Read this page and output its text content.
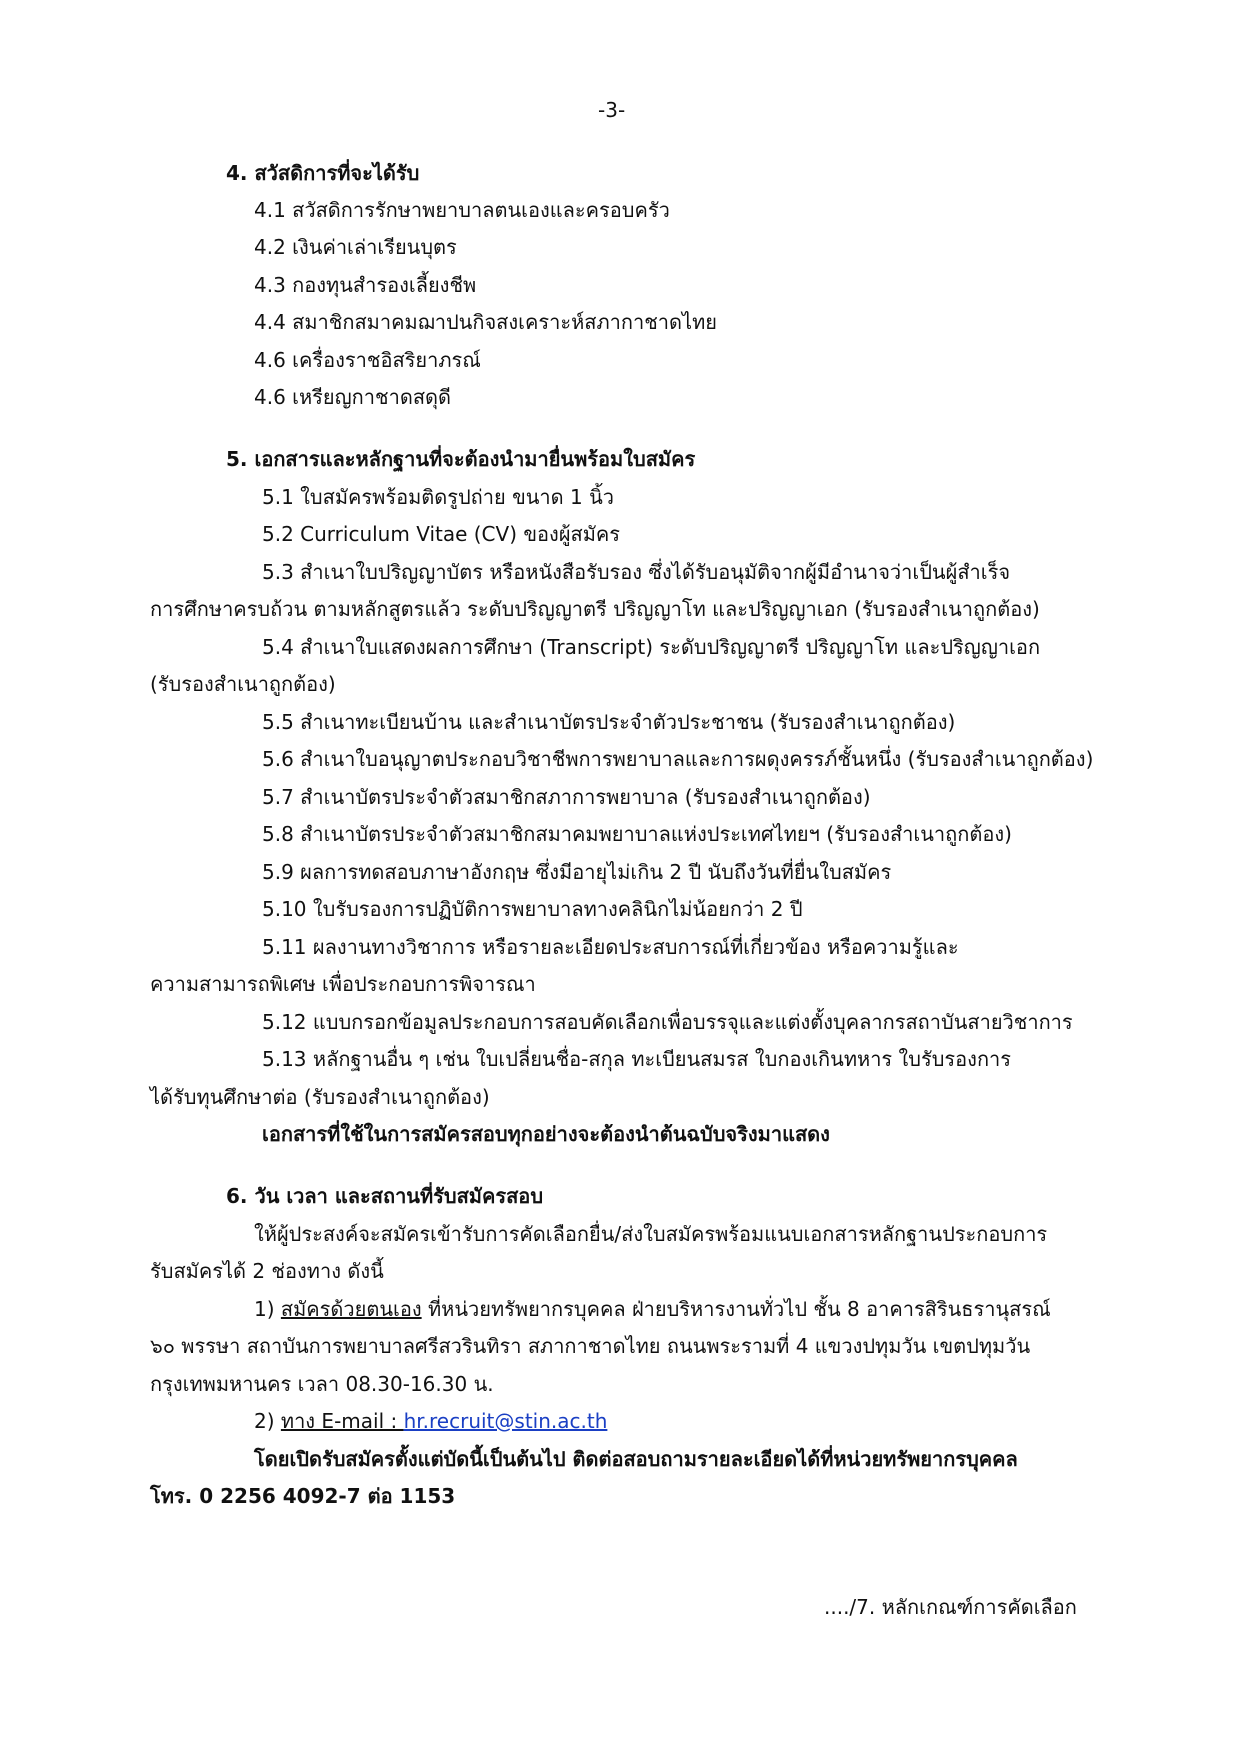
-3-
4. สวัสดิการที่จะได้รับ
4.1 สวัสดิการรักษาพยาบาลตนเองและครอบครัว
4.2 เงินค่าเล่าเรียนบุตร
4.3 กองทุนสำรองเลี้ยงชีพ
4.4 สมาชิกสมาคมฌาปนกิจสงเคราะห์สภากาชาดไทย
4.6 เครื่องราชอิสริยาภรณ์
4.6 เหรียญกาชาดสดุดี
5. เอกสารและหลักฐานที่จะต้องนำมายื่นพร้อมใบสมัคร
5.1 ใบสมัครพร้อมติดรูปถ่าย ขนาด 1 นิ้ว
5.2 Curriculum Vitae (CV) ของผู้สมัคร
5.3 สำเนาใบปริญญาบัตร หรือหนังสือรับรอง ซึ่งได้รับอนุมัติจากผู้มีอำนาจว่าเป็นผู้สำเร็จ
การศึกษาครบถ้วน ตามหลักสูตรแล้ว ระดับปริญญาตรี ปริญญาโท และปริญญาเอก (รับรองสำเนาถูกต้อง)
5.4 สำเนาใบแสดงผลการศึกษา (Transcript) ระดับปริญญาตรี ปริญญาโท และปริญญาเอก
(รับรองสำเนาถูกต้อง)
5.5 สำเนาทะเบียนบ้าน และสำเนาบัตรประจำตัวประชาชน (รับรองสำเนาถูกต้อง)
5.6 สำเนาใบอนุญาตประกอบวิชาชีพการพยาบาลและการผดุงครรภ์ชั้นหนึ่ง (รับรองสำเนาถูกต้อง)
5.7 สำเนาบัตรประจำตัวสมาชิกสภาการพยาบาล (รับรองสำเนาถูกต้อง)
5.8 สำเนาบัตรประจำตัวสมาชิกสมาคมพยาบาลแห่งประเทศไทยฯ (รับรองสำเนาถูกต้อง)
5.9 ผลการทดสอบภาษาอังกฤษ ซึ่งมีอายุไม่เกิน 2 ปี นับถึงวันที่ยื่นใบสมัคร
5.10 ใบรับรองการปฏิบัติการพยาบาลทางคลินิกไม่น้อยกว่า 2 ปี
5.11 ผลงานทางวิชาการ หรือรายละเอียดประสบการณ์ที่เกี่ยวข้อง หรือความรู้และ
ความสามารถพิเศษ เพื่อประกอบการพิจารณา
5.12 แบบกรอกข้อมูลประกอบการสอบคัดเลือกเพื่อบรรจุและแต่งตั้งบุคลากรสถาบันสายวิชาการ
5.13 หลักฐานอื่น ๆ เช่น ใบเปลี่ยนชื่อ-สกุล ทะเบียนสมรส ใบกองเกินทหาร ใบรับรองการ
ได้รับทุนศึกษาต่อ (รับรองสำเนาถูกต้อง)
เอกสารที่ใช้ในการสมัครสอบทุกอย่างจะต้องนำต้นฉบับจริงมาแสดง
6. วัน เวลา และสถานที่รับสมัครสอบ
ให้ผู้ประสงค์จะสมัครเข้ารับการคัดเลือกยื่น/ส่งใบสมัครพร้อมแนบเอกสารหลักฐานประกอบการ
รับสมัครได้ 2 ช่องทาง ดังนี้
1) สมัครด้วยตนเอง ที่หน่วยทรัพยากรบุคคล ฝ่ายบริหารงานทั่วไป ชั้น 8 อาคารสิรินธรานุสรณ์
๖๐ พรรษา สถาบันการพยาบาลศรีสวรินทิรา สภากาชาดไทย ถนนพระรามที่ 4 แขวงปทุมวัน เขตปทุมวัน
กรุงเทพมหานคร เวลา 08.30-16.30 น.
2) ทาง E-mail : hr.recruit@stin.ac.th
โดยเปิดรับสมัครตั้งแต่บัดนี้เป็นต้นไป ติดต่อสอบถามรายละเอียดได้ที่หน่วยทรัพยากรบุคคล
โทร. 0 2256 4092-7 ต่อ 1153
..../7. หลักเกณฑ์การคัดเลือก
